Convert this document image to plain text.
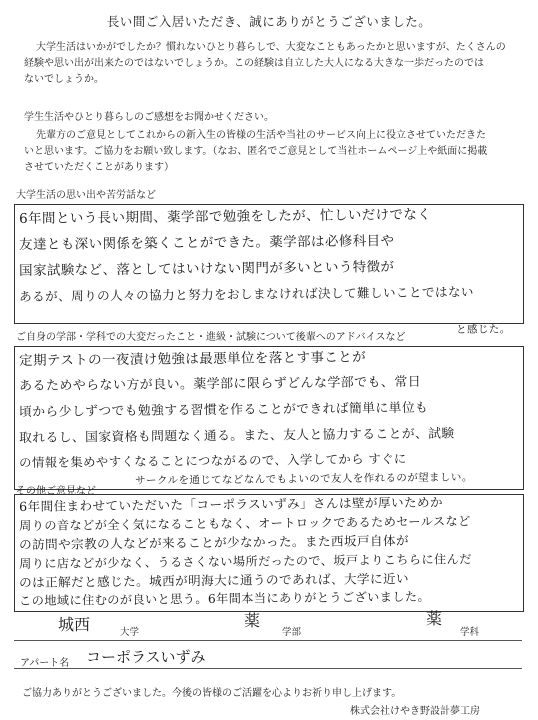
長い間ご入居いただき、誠にありがとうございました。
大学生活はいかがでしたか？慣れないひとり暮らしで、大変なこともあったかと思いますが、たくさんの
経験や思い出が出来たのではないでしょうか。この経験は自立した大人になる大きな一歩だったのでは
ないでしょうか。
学生生活やひとり暮らしのご感想をお聞かせください。
先輩方のご意見としてこれからの新入生の皆様の生活や当社のサービス向上に役立させていただきた
いと思います。ご協力をお願い致します。（なお、匿名でご意見として当社ホームページ上や紙面に掲載
させていただくことがあります）
大学生活の思い出や苦労話など
6年間という長い期間、薬学部で勉強をしたが、忙しいだけでなく
友達とも深い関係を築くことができた。薬学部は必修科目や
国家試験など、落としてはいけない関門が多いという特徴が
あるが、周りの人々の協力と努力をおしまなければ決して難しいことではない
と感じた。
ご自身の学部・学科での大変だったこと・進級・試験について後輩へのアドバイスなど
定期テストの一夜漬け勉強は最悪単位を落とす事ことが
あるためやらない方が良い。薬学部に限らずどんな学部でも、常日
頃から少しずつでも勉強する習慣を作ることができれば簡単に単位も
取れるし、国家資格も問題なく通る。また、友人と協力することが、試験
の情報を集めやすくなることにつながるので、入学してから すぐに
サークルを通じてなどなんでもよいので友人を作れるのが望ましい。
その他ご意見など
6年間住まわせていただいた「コーポラスいずみ」さんは壁が厚いためか
周りの音などが全く気になることもなく、オートロックであるためセールスなど
の訪問や宗教の人などが来ることが少なかった。また西坂戸自体が
周りに店などが少なく、うるさくない場所だったので、坂戸よりこちらに住んだ
のは正解だと感じた。城西が明海大に通うのであれば、大学に近い
この地域に住むのが良いと思う。6年間本当にありがとうございました。
城西	大学
薬
学部
薬
学科
アパート名 コーポラスいずみ
ご協力ありがとうございました。今後の皆様のご活躍を心よりお祈り申し上げます。
株式会社けやき野設計夢工房
